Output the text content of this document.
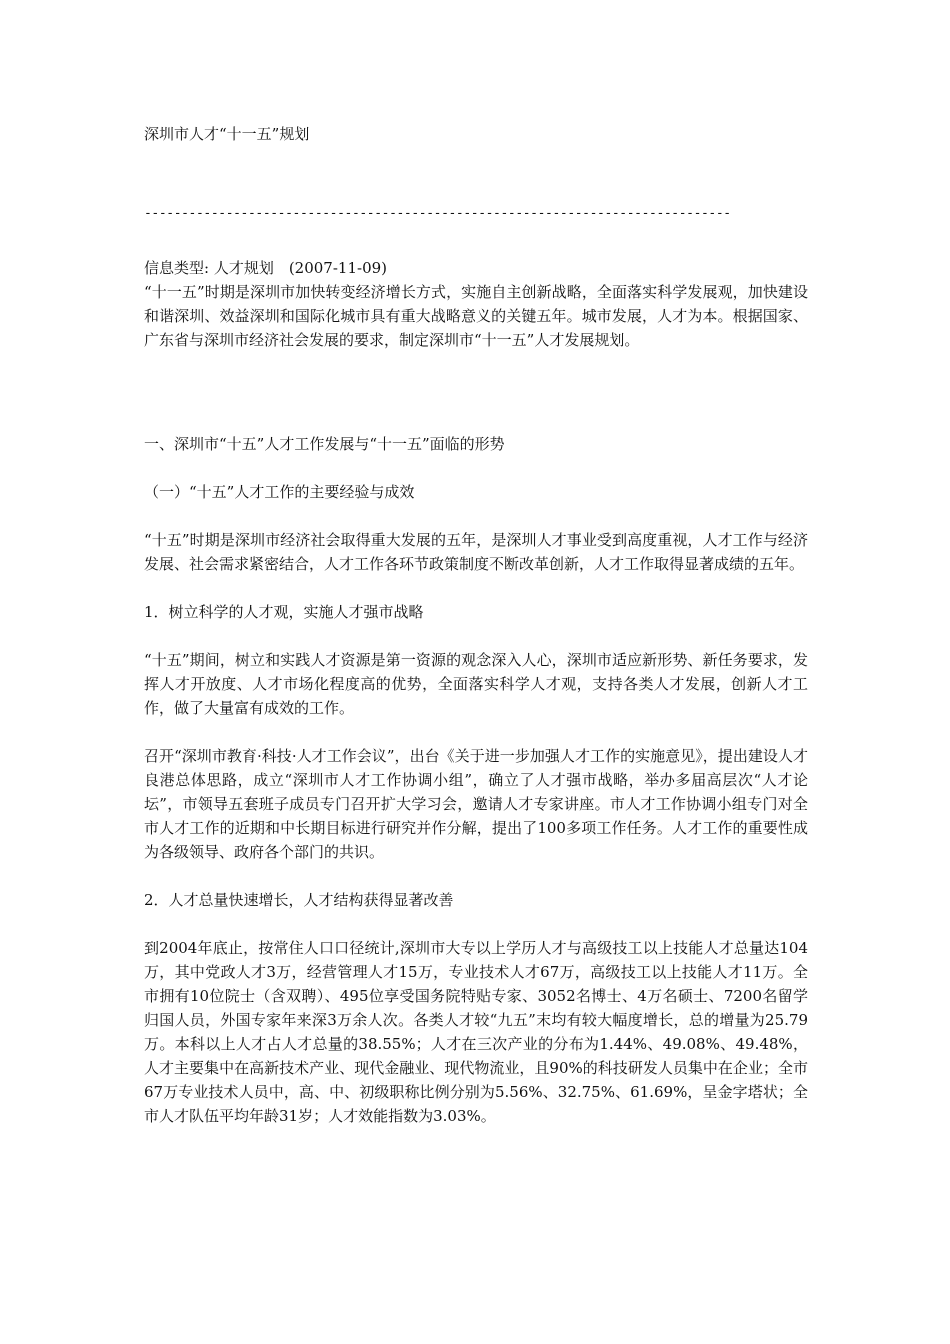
深圳市人才“十一五”规划

-------------------------------------------------------------------------------

信息类型: 人才规划　(2007-11-09)

“十一五”时期是深圳市加快转变经济增长方式，实施自主创新战略，全面落实科学发展观，加快建设和谐深圳、效益深圳和国际化城市具有重大战略意义的关键五年。城市发展，人才为本。根据国家、广东省与深圳市经济社会发展的要求，制定深圳市“十一五”人才发展规划。

一、深圳市“十五”人才工作发展与“十一五”面临的形势

（一）“十五”人才工作的主要经验与成效

“十五”时期是深圳市经济社会取得重大发展的五年，是深圳人才事业受到高度重视，人才工作与经济发展、社会需求紧密结合，人才工作各环节政策制度不断改革创新，人才工作取得显著成绩的五年。

1．树立科学的人才观，实施人才强市战略

“十五”期间，树立和实践人才资源是第一资源的观念深入人心，深圳市适应新形势、新任务要求，发挥人才开放度、人才市场化程度高的优势，全面落实科学人才观，支持各类人才发展，创新人才工作，做了大量富有成效的工作。

召开“深圳市教育·科技·人才工作会议”，出台《关于进一步加强人才工作的实施意见》，提出建设人才良港总体思路，成立“深圳市人才工作协调小组”，确立了人才强市战略，举办多届高层次“人才论坛”，市领导五套班子成员专门召开扩大学习会，邀请人才专家讲座。市人才工作协调小组专门对全市人才工作的近期和中长期目标进行研究并作分解，提出了100多项工作任务。人才工作的重要性成为各级领导、政府各个部门的共识。

2．人才总量快速增长，人才结构获得显著改善

到2004年底止，按常住人口口径统计,深圳市大专以上学历人才与高级技工以上技能人才总量达104万，其中党政人才3万，经营管理人才15万，专业技术人才67万，高级技工以上技能人才11万。全市拥有10位院士（含双聘）、495位享受国务院特贴专家、3052名博士、4万名硕士、7200名留学归国人员，外国专家年来深3万余人次。各类人才较“九五”末均有较大幅度增长，总的增量为25.79万。本科以上人才占人才总量的38.55%；人才在三次产业的分布为1.44%、49.08%、49.48%，人才主要集中在高新技术产业、现代金融业、现代物流业，且90%的科技研发人员集中在企业；全市67万专业技术人员中，高、中、初级职称比例分别为5.56%、32.75%、61.69%，呈金字塔状；全市人才队伍平均年龄31岁；人才效能指数为3.03%。
